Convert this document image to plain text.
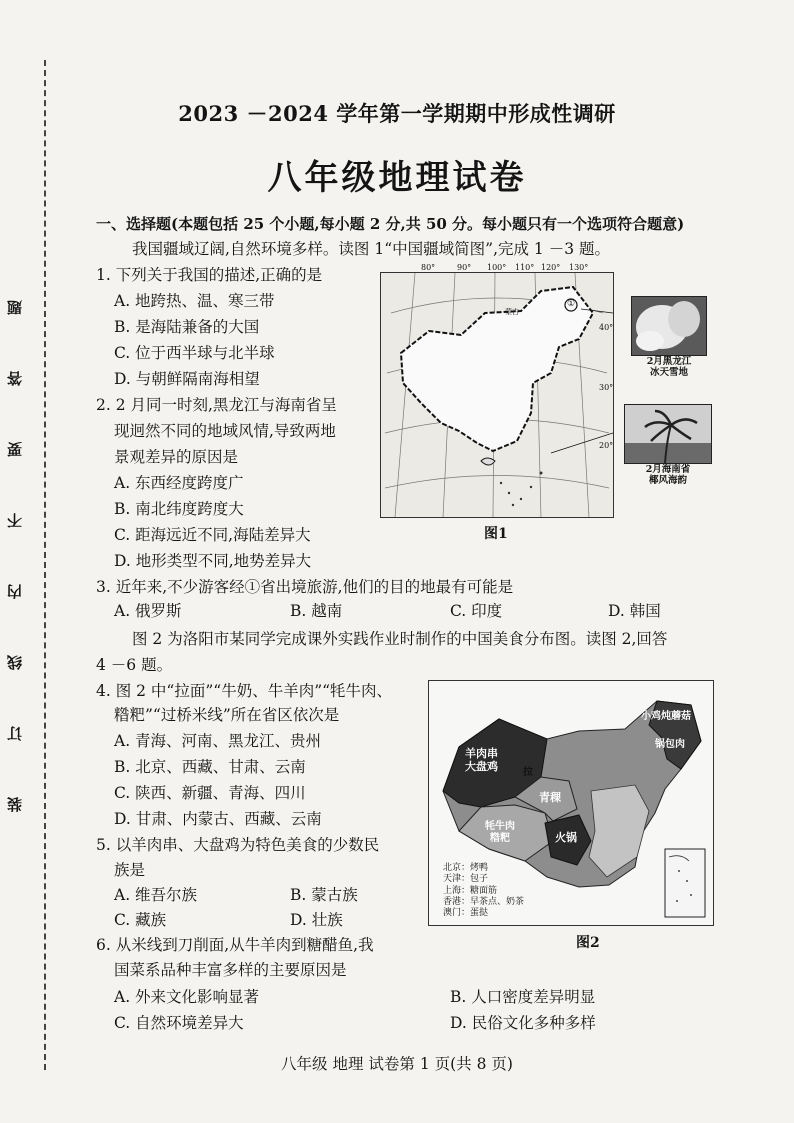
题
答
要
不
内
线
订
装
2023 －2024 学年第一学期期中形成性调研
八年级地理试卷
一、选择题(本题包括 25 个小题,每小题 2 分,共 50 分。每小题只有一个选项符合题意)
我国疆域辽阔,自然环境多样。读图 1“中国疆域简图”,完成 1 －3 题。
1. 下列关于我国的描述,正确的是
A. 地跨热、温、寒三带
B. 是海陆兼备的大国
C. 位于西半球与北半球
D. 与朝鲜隔南海相望
2. 2 月同一时刻,黑龙江与海南省呈
现迥然不同的地域风情,导致两地
景观差异的原因是
A. 东西经度跨度广
B. 南北纬度跨度大
C. 距海远近不同,海陆差异大
D. 地形类型不同,地势差异大
80°	90° 100° 110° 120° 130°
40°
30°
20°
①
蒙古
2月黑龙江
冰天雪地
2月海南省
椰风海韵
图1
3. 近年来,不少游客经①省出境旅游,他们的目的地最有可能是
A. 俄罗斯	B. 越南	C. 印度	D. 韩国
图 2 为洛阳市某同学完成课外实践作业时制作的中国美食分布图。读图 2,回答
4 －6 题。
4. 图 2 中“拉面”“牛奶、牛羊肉”“牦牛肉、
糌粑”“过桥米线”所在省区依次是
A. 青海、河南、黑龙江、贵州
B. 北京、西藏、甘肃、云南
C. 陕西、新疆、青海、四川
D. 甘肃、内蒙古、西藏、云南
5. 以羊肉串、大盘鸡为特色美食的少数民
族是
A. 维吾尔族	B. 蒙古族
C. 藏族	D. 壮族
羊肉串
大盘鸡
小鸡炖蘑菇
锅包肉
青稞
牦牛肉
糌粑	火锅
拉
北京：烤鸭
天津：包子
上海：糖面筋
香港：早茶点、奶茶
澳门：蛋挞
图2
6. 从米线到刀削面,从牛羊肉到糖醋鱼,我
国菜系品种丰富多样的主要原因是
A. 外来文化影响显著	B. 人口密度差异明显
C. 自然环境差异大	D. 民俗文化多种多样
八年级 地理 试卷第 1 页(共 8 页)
